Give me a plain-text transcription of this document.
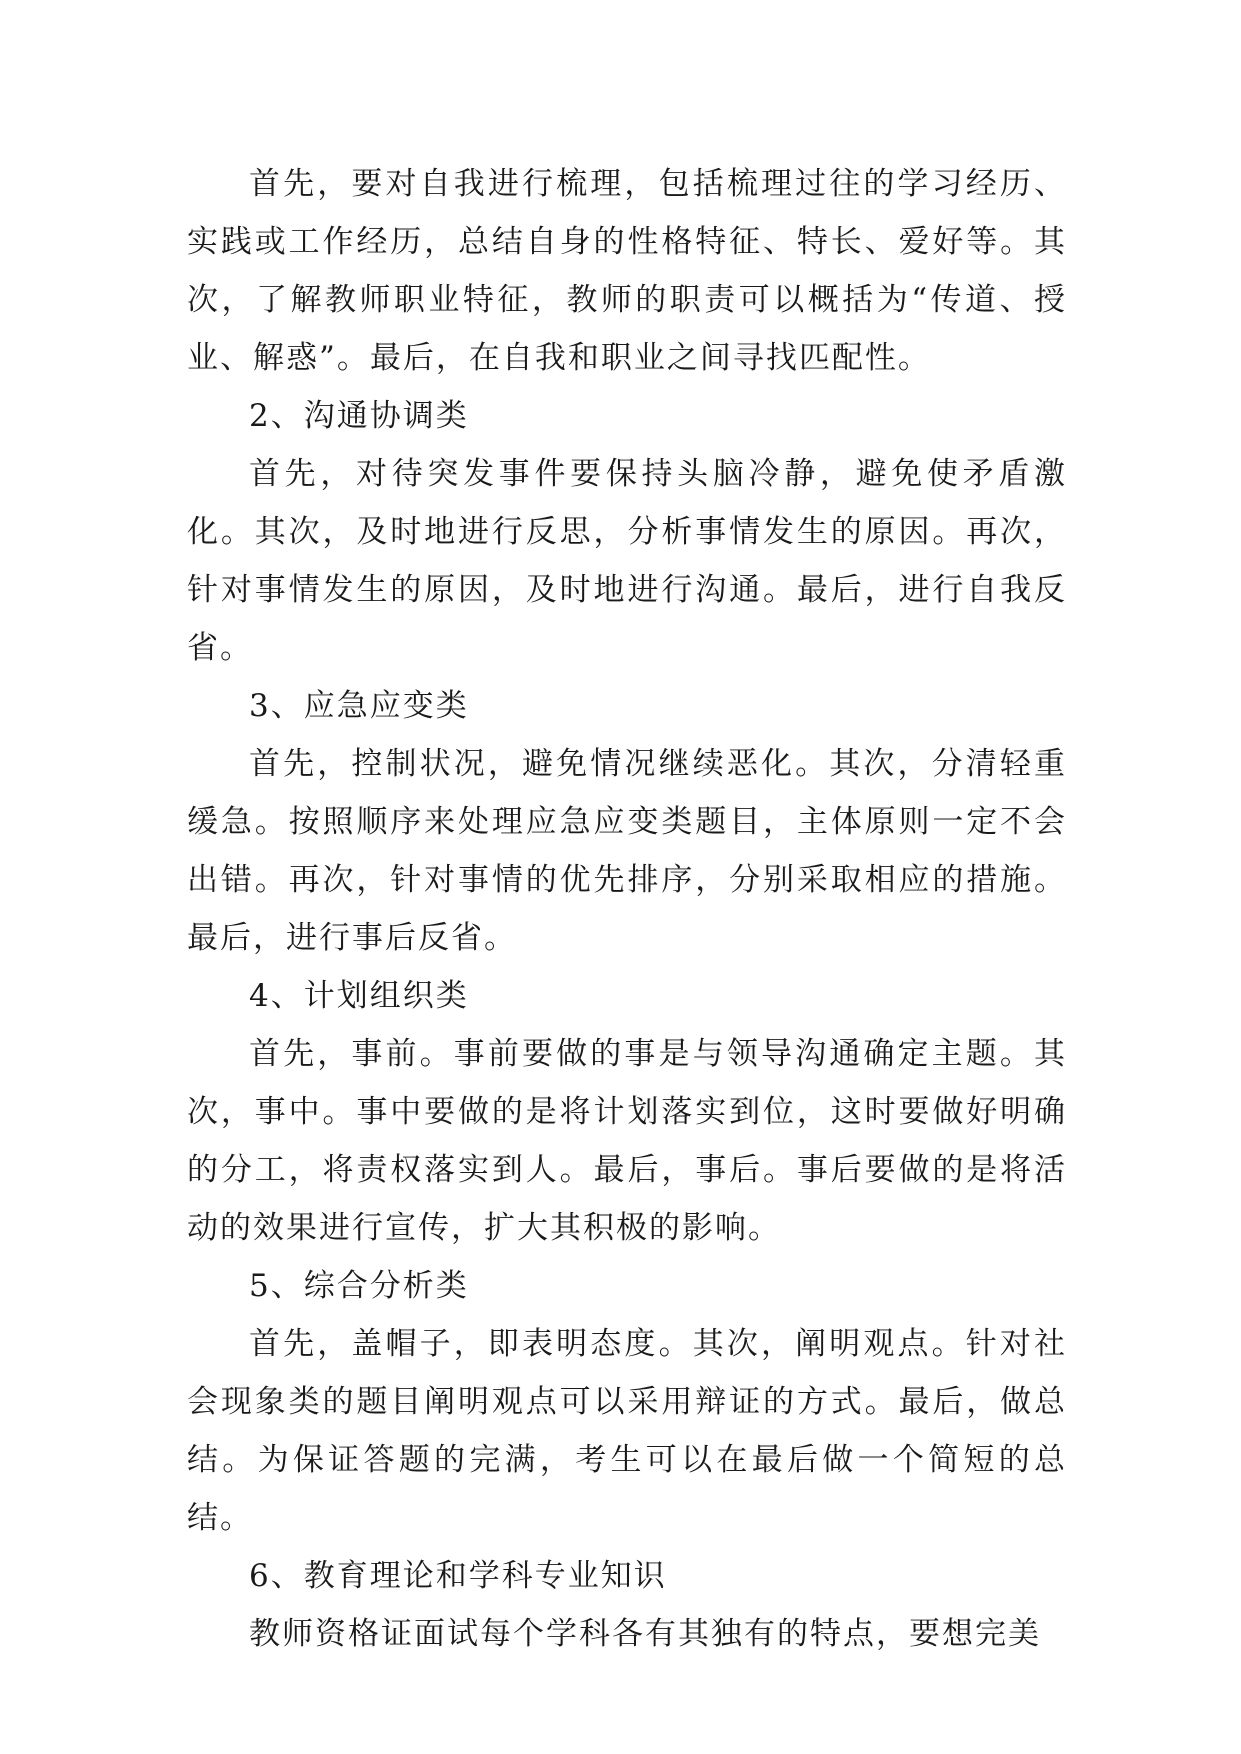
首先，要对自我进行梳理，包括梳理过往的学习经历、实践或工作经历，总结自身的性格特征、特长、爱好等。其次，了解教师职业特征，教师的职责可以概括为“传道、授业、解惑”。最后，在自我和职业之间寻找匹配性。

2、沟通协调类

首先，对待突发事件要保持头脑冷静，避免使矛盾激化。其次，及时地进行反思，分析事情发生的原因。再次，针对事情发生的原因，及时地进行沟通。最后，进行自我反省。

3、应急应变类

首先，控制状况，避免情况继续恶化。其次，分清轻重缓急。按照顺序来处理应急应变类题目，主体原则一定不会出错。再次，针对事情的优先排序，分别采取相应的措施。最后，进行事后反省。

4、计划组织类

首先，事前。事前要做的事是与领导沟通确定主题。其次，事中。事中要做的是将计划落实到位，这时要做好明确的分工，将责权落实到人。最后，事后。事后要做的是将活动的效果进行宣传，扩大其积极的影响。

5、综合分析类

首先，盖帽子，即表明态度。其次，阐明观点。针对社会现象类的题目阐明观点可以采用辩证的方式。最后，做总结。为保证答题的完满，考生可以在最后做一个简短的总结。

6、教育理论和学科专业知识

教师资格证面试每个学科各有其独有的特点，要想完美
